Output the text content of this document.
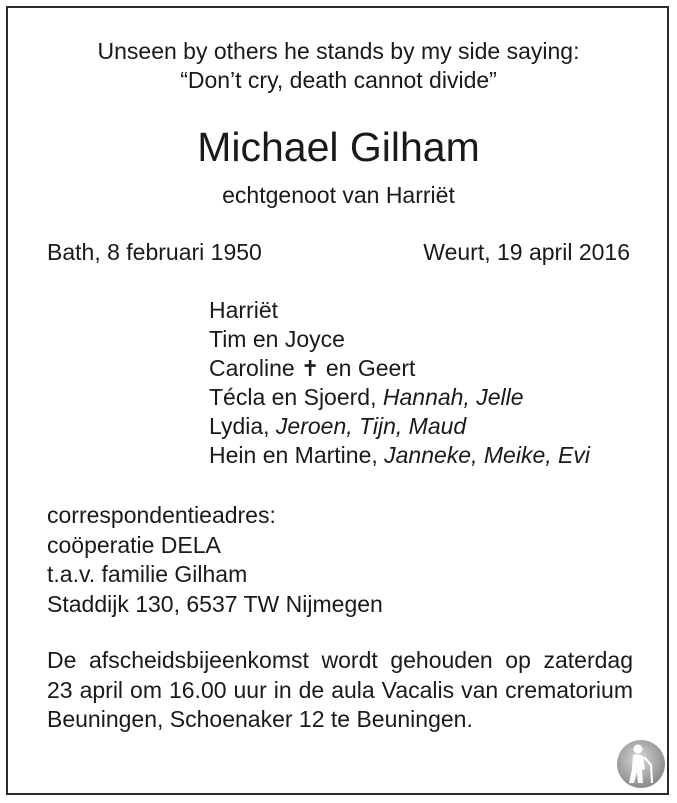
Unseen by others he stands by my side saying:
“Don’t cry, death cannot divide”
Michael Gilham
echtgenoot van Harriët
Bath, 8 februari 1950	Weurt, 19 april 2016
Harriët
Tim en Joyce
Caroline ✝ en Geert
Técla en Sjoerd, Hannah, Jelle
Lydia, Jeroen, Tijn, Maud
Hein en Martine, Janneke, Meike, Evi
correspondentieadres:
coöperatie DELA
t.a.v. familie Gilham
Staddijk 130, 6537 TW Nijmegen

De afscheidsbijeenkomst wordt gehouden op zaterdag 23 april om 16.00 uur in de aula Vacalis van crematorium Beuningen, Schoenaker 12 te Beuningen.
